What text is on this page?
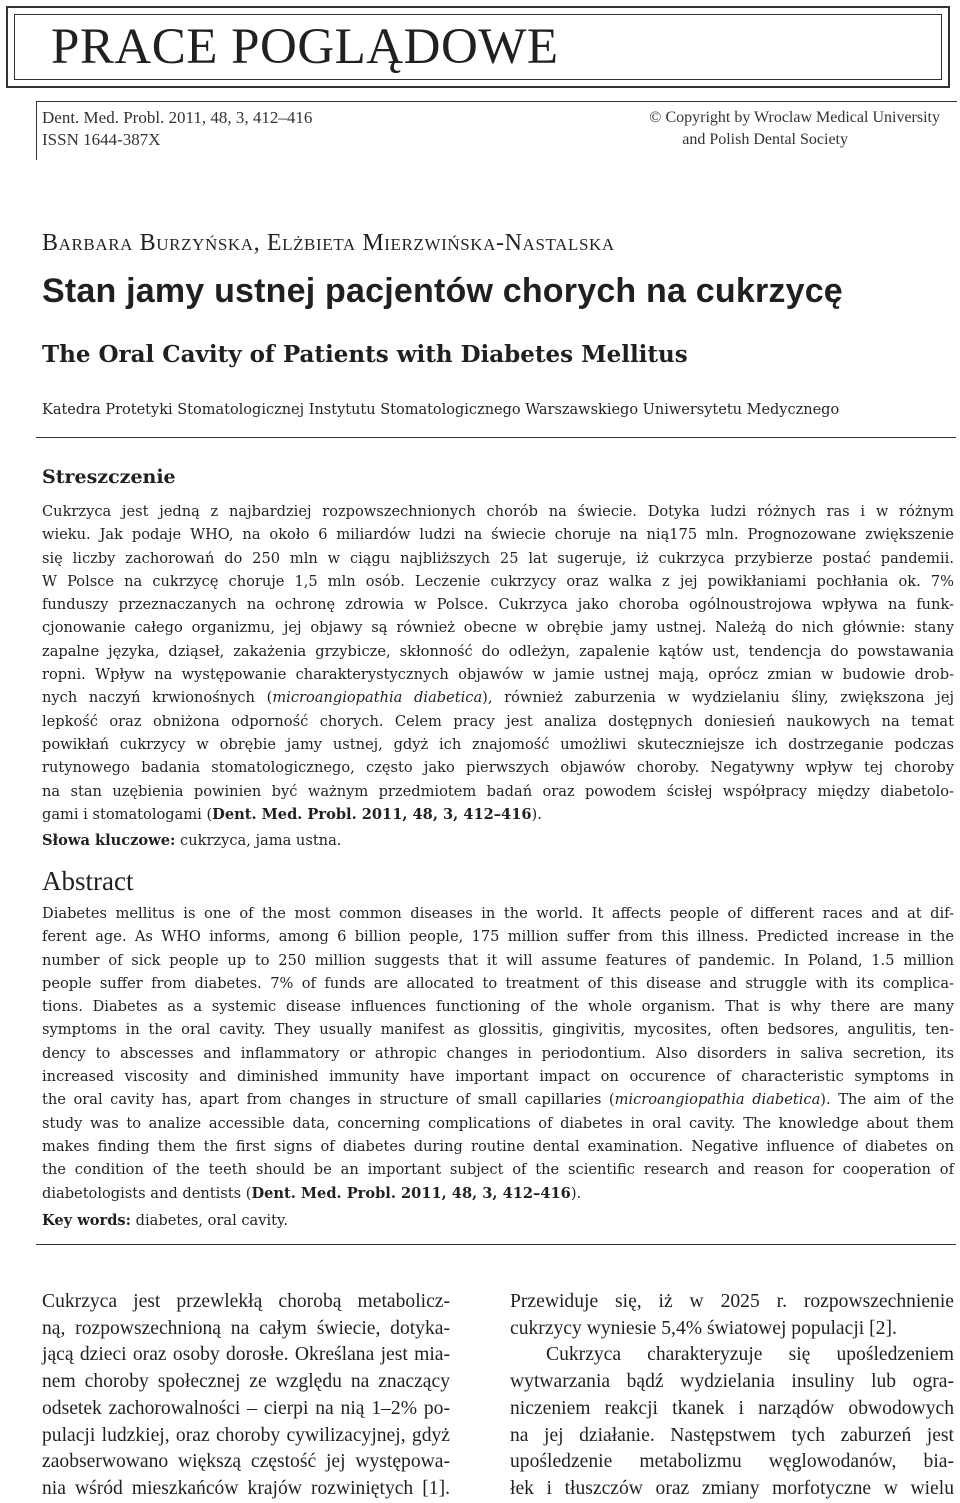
PRACE POGLĄDOWE
Dent. Med. Probl. 2011, 48, 3, 412–416
ISSN 1644-387X
© Copyright by Wroclaw Medical University
and Polish Dental Society
Barbara Burzyńska, Elżbieta Mierzwińska-Nastalska
Stan jamy ustnej pacjentów chorych na cukrzycę
The Oral Cavity of Patients with Diabetes Mellitus
Katedra Protetyki Stomatologicznej Instytutu Stomatologicznego Warszawskiego Uniwersytetu Medycznego
Streszczenie
Cukrzyca jest jedną z najbardziej rozpowszechnionych chorób na świecie. Dotyka ludzi różnych ras i w różnym
wieku. Jak podaje WHO, na około 6 miliardów ludzi na świecie choruje na nią175 mln. Prognozowane zwiększenie
się liczby zachorowań do 250 mln w ciągu najbliższych 25 lat sugeruje, iż cukrzyca przybierze postać pandemii.
W Polsce na cukrzycę choruje 1,5 mln osób. Leczenie cukrzycy oraz walka z jej powikłaniami pochłania ok. 7%
funduszy przeznaczanych na ochronę zdrowia w Polsce. Cukrzyca jako choroba ogólnoustrojowa wpływa na funk-
cjonowanie całego organizmu, jej objawy są również obecne w obrębie jamy ustnej. Należą do nich głównie: stany
zapalne języka, dziąseł, zakażenia grzybicze, skłonność do odleżyn, zapalenie kątów ust, tendencja do powstawania
ropni. Wpływ na występowanie charakterystycznych objawów w jamie ustnej mają, oprócz zmian w budowie drob-
nych naczyń krwionośnych (microangiopathia diabetica), również zaburzenia w wydzielaniu śliny, zwiększona jej
lepkość oraz obniżona odporność chorych. Celem pracy jest analiza dostępnych doniesień naukowych na temat
powikłań cukrzycy w obrębie jamy ustnej, gdyż ich znajomość umożliwi skuteczniejsze ich dostrzeganie podczas
rutynowego badania stomatologicznego, często jako pierwszych objawów choroby. Negatywny wpływ tej choroby
na stan uzębienia powinien być ważnym przedmiotem badań oraz powodem ścisłej współpracy między diabetolo-
gami i stomatologami (Dent. Med. Probl. 2011, 48, 3, 412–416).
Słowa kluczowe: cukrzyca, jama ustna.
Abstract
Diabetes mellitus is one of the most common diseases in the world. It affects people of different races and at dif-
ferent age. As WHO informs, among 6 billion people, 175 million suffer from this illness. Predicted increase in the
number of sick people up to 250 million suggests that it will assume features of pandemic. In Poland, 1.5 million
people suffer from diabetes. 7% of funds are allocated to treatment of this disease and struggle with its complica-
tions. Diabetes as a systemic disease influences functioning of the whole organism. That is why there are many
symptoms in the oral cavity. They usually manifest as glossitis, gingivitis, mycosites, often bedsores, angulitis, ten-
dency to abscesses and inflammatory or athropic changes in periodontium. Also disorders in saliva secretion, its
increased viscosity and diminished immunity have important impact on occurence of characteristic symptoms in
the oral cavity has, apart from changes in structure of small capillaries (microangiopathia diabetica). The aim of the
study was to analize accessible data, concerning complications of diabetes in oral cavity. The knowledge about them
makes finding them the first signs of diabetes during routine dental examination. Negative influence of diabetes on
the condition of the teeth should be an important subject of the scientific research and reason for cooperation of
diabetologists and dentists (Dent. Med. Probl. 2011, 48, 3, 412–416).
Key words: diabetes, oral cavity.
Cukrzyca jest przewlekłą chorobą metabolicz-
ną, rozpowszechnioną na całym świecie, dotyka-
jącą dzieci oraz osoby dorosłe. Określana jest mia-
nem choroby społecznej ze względu na znaczący
odsetek zachorowalności – cierpi na nią 1–2% po-
pulacji ludzkiej, oraz choroby cywilizacyjnej, gdyż
zaobserwowano większą częstość jej występowa-
nia wśród mieszkańców krajów rozwiniętych [1].
Przewiduje się, iż w 2025 r. rozpowszechnienie
cukrzycy wyniesie 5,4% światowej populacji [2].
Cukrzyca charakteryzuje się upośledzeniem
wytwarzania bądź wydzielania insuliny lub ogra-
niczeniem reakcji tkanek i narządów obwodowych
na jej działanie. Następstwem tych zaburzeń jest
upośledzenie metabolizmu węglowodanów, bia-
łek i tłuszczów oraz zmiany morfotyczne w wielu
